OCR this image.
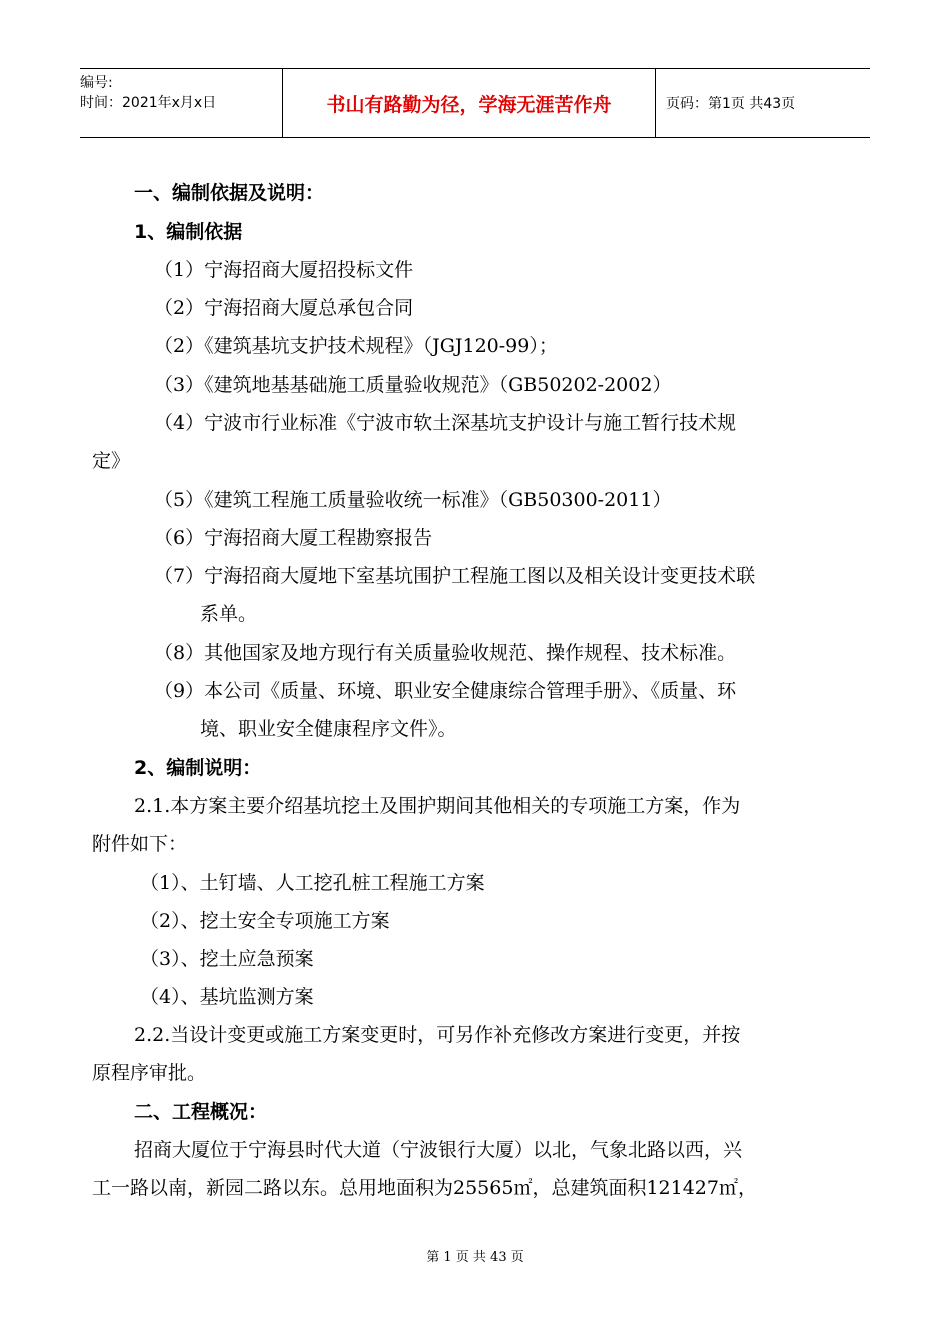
编号:
时间：2021年x月x日	书山有路勤为径，学海无涯苦作舟	页码：第1页 共43页
一、编制依据及说明：
1、编制依据
（1）宁海招商大厦招投标文件
（2）宁海招商大厦总承包合同
（2）《建筑基坑支护技术规程》（JGJ120-99）；
（3）《建筑地基基础施工质量验收规范》（GB50202-2002）
（4）宁波市行业标准《宁波市软土深基坑支护设计与施工暂行技术规
定》
（5）《建筑工程施工质量验收统一标准》（GB50300-2011）
（6）宁海招商大厦工程勘察报告
（7）宁海招商大厦地下室基坑围护工程施工图以及相关设计变更技术联
系单。
（8）其他国家及地方现行有关质量验收规范、操作规程、技术标准。
（9）本公司《质量、环境、职业安全健康综合管理手册》、《质量、环
境、职业安全健康程序文件》。
2、编制说明：
2.1.本方案主要介绍基坑挖土及围护期间其他相关的专项施工方案，作为
附件如下：
（1）、土钉墙、人工挖孔桩工程施工方案
（2）、挖土安全专项施工方案
（3）、挖土应急预案
（4）、基坑监测方案
2.2.当设计变更或施工方案变更时，可另作补充修改方案进行变更，并按
原程序审批。
二、工程概况：
招商大厦位于宁海县时代大道（宁波银行大厦）以北，气象北路以西，兴
工一路以南，新园二路以东。总用地面积为25565㎡，总建筑面积121427㎡，
第 1 页 共 43 页
